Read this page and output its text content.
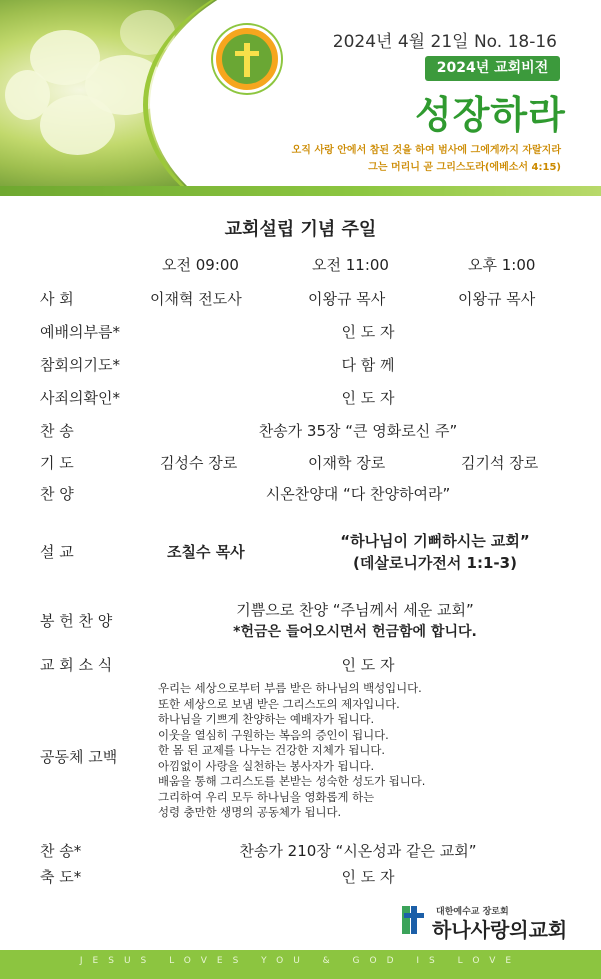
2024년 4월 21일 No. 18-16
2024년 교회비전
성장하라
오직 사랑 안에서 참된 것을 하여 범사에 그에게까지 자랄지라
그는 머리니 곧 그리스도라(에베소서 4:15)
교회설립 기념 주일
오전 09:00	오전 11:00	오후 1:00
사 회	이재혁 전도사	이왕규 목사	이왕규 목사
예배의부름*	인 도 자
참회의기도*	다 함 께
사죄의확인*	인 도 자
찬 송	찬송가 35장 “큰 영화로신 주”
기 도	김성수 장로	이재학 장로	김기석 장로
찬 양	시온찬양대 “다 찬양하여라”
설 교	조칠수 목사
“하나님이 기뻐하시는 교회”
(데살로니가전서 1:1-3)
봉 헌 찬 양
기쁨으로 찬양 “주님께서 세운 교회”
*헌금은 들어오시면서 헌금함에 합니다.
교 회 소 식	인 도 자
공동체 고백
우리는 세상으로부터 부름 받은 하나님의 백성입니다.
또한 세상으로 보냄 받은 그리스도의 제자입니다.
하나님을 기쁘게 찬양하는 예배자가 됩니다.
이웃을 열심히 구원하는 복음의 증인이 됩니다.
한 몸 된 교제를 나누는 건강한 지체가 됩니다.
아낌없이 사랑을 실천하는 봉사자가 됩니다.
배움을 통해 그리스도를 본받는 성숙한 성도가 됩니다.
그리하여 우리 모두 하나님을 영화롭게 하는
성령 충만한 생명의 공동체가 됩니다.
찬 송*	찬송가 210장 “시온성과 같은 교회”
축 도*	인 도 자
대한예수교 장로회
하나사랑의교회
JESUS LOVES YOU & GOD IS LOVE
